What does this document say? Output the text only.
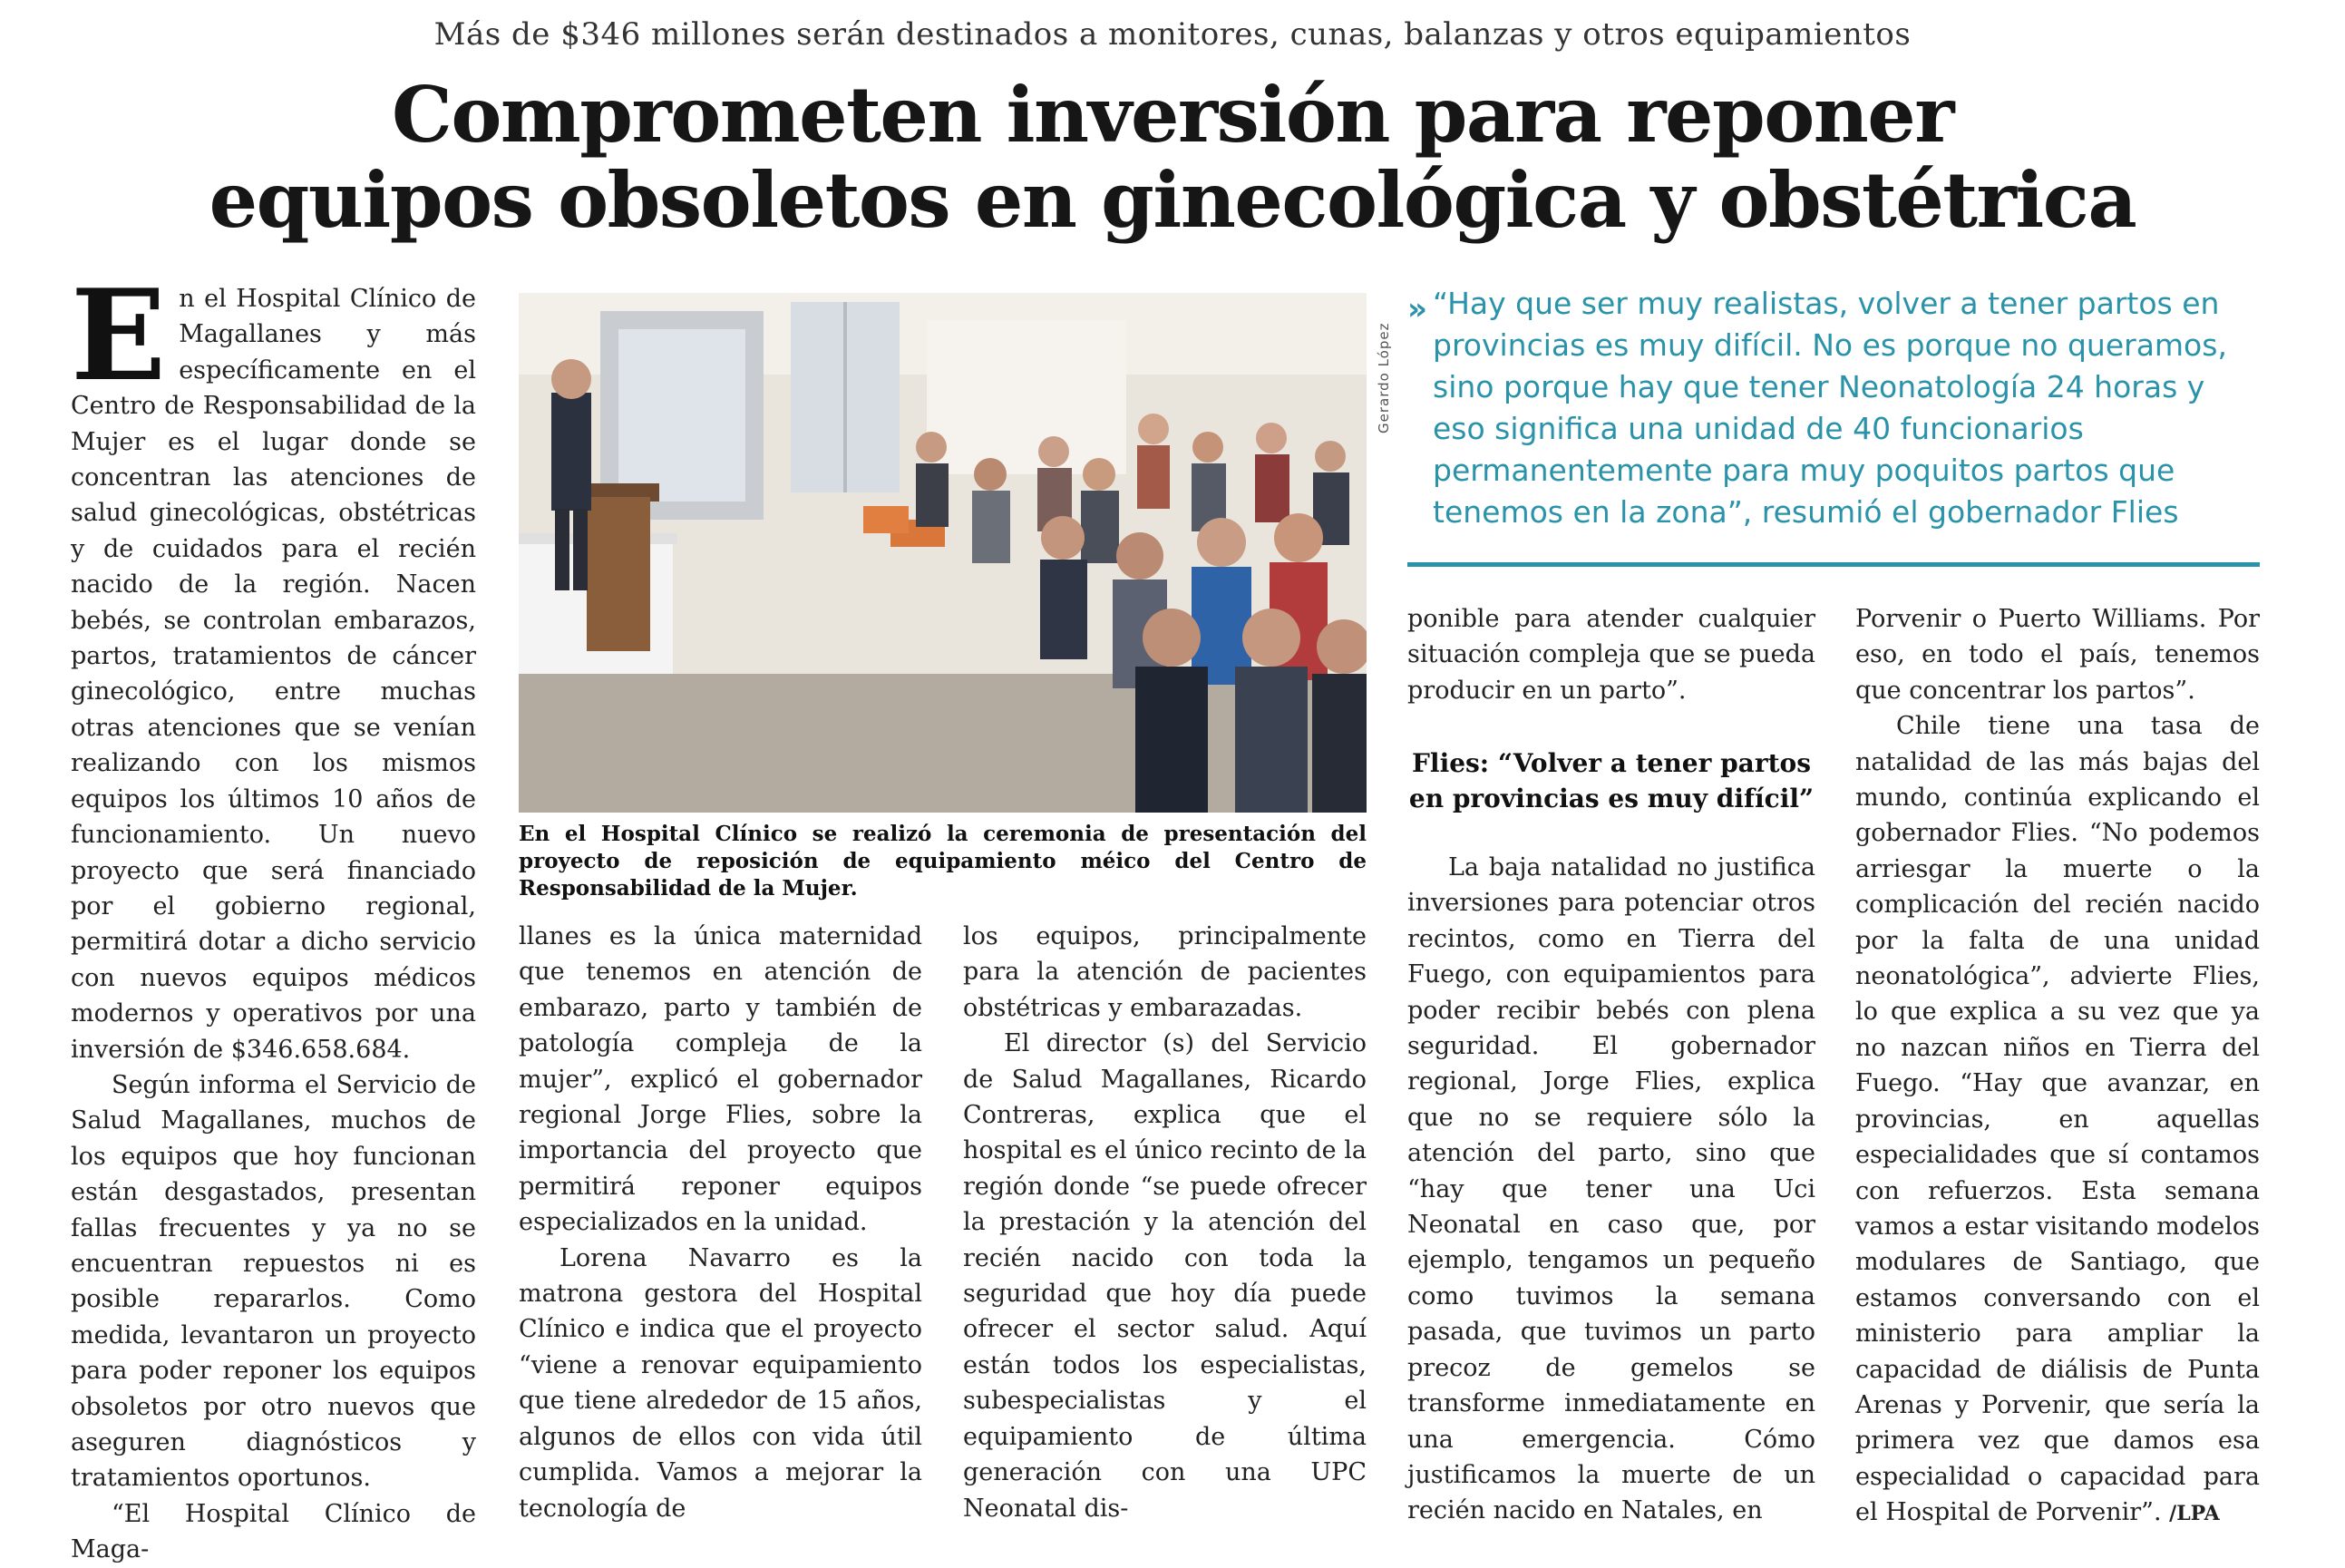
Más de $346 millones serán destinados a monitores, cunas, balanzas y otros equipamientos
Comprometen inversión para reponer
equipos obsoletos en ginecológica y obstétrica

En el Hospital Clínico de Magallanes y más específicamente en el Centro de Responsabilidad de la Mujer es el lugar donde se concentran las atenciones de salud ginecológicas, obstétricas y de cuidados para el recién nacido de la región. Nacen bebés, se controlan embarazos, partos, tratamientos de cáncer ginecológico, entre muchas otras atenciones que se venían realizando con los mismos equipos los últimos 10 años de funcionamiento. Un nuevo proyecto que será financiado por el gobierno regional, permitirá dotar a dicho servicio con nuevos equipos médicos modernos y operativos por una inversión de $346.658.684.

Según informa el Servicio de Salud Magallanes, muchos de los equipos que hoy funcionan están desgastados, presentan fallas frecuentes y ya no se encuentran repuestos ni es posible repararlos. Como medida, levantaron un proyecto para poder reponer los equipos obsoletos por otro nuevos que aseguren diagnósticos y tratamientos oportunos.

“El Hospital Clínico de Maga-

Gerardo López
En el Hospital Clínico se realizó la ceremonia de presentación del proyecto de reposición de equipamiento méico del Centro de Responsabilidad de la Mujer.

llanes es la única maternidad que tenemos en atención de embarazo, parto y también de patología compleja de la mujer”, explicó el gobernador regional Jorge Flies, sobre la importancia del proyecto que permitirá reponer equipos especializados en la unidad.

Lorena Navarro es la matrona gestora del Hospital Clínico e indica que el proyecto “viene a renovar equipamiento que tiene alrededor de 15 años, algunos de ellos con vida útil cumplida. Vamos a mejorar la tecnología de

los equipos, principalmente para la atención de pacientes obstétricas y embarazadas.

El director (s) del Servicio de Salud Magallanes, Ricardo Contreras, explica que el hospital es el único recinto de la región donde “se puede ofrecer la prestación y la atención del recién nacido con toda la seguridad que hoy día puede ofrecer el sector salud. Aquí están todos los especialistas, subespecialistas y el equipamiento de última generación con una UPC Neonatal dis-

›› “Hay que ser muy realistas, volver a tener partos en provincias es muy difícil. No es porque no queramos, sino porque hay que tener Neonatología 24 horas y eso significa una unidad de 40 funcionarios permanentemente para muy poquitos partos que tenemos en la zona”, resumió el gobernador Flies

ponible para atender cualquier situación compleja que se pueda producir en un parto”.

Flies: “Volver a tener partos en provincias es muy difícil”

La baja natalidad no justifica inversiones para potenciar otros recintos, como en Tierra del Fuego, con equipamientos para poder recibir bebés con plena seguridad. El gobernador regional, Jorge Flies, explica que no se requiere sólo la atención del parto, sino que “hay que tener una Uci Neonatal en caso que, por ejemplo, tengamos un pequeño como tuvimos la semana pasada, que tuvimos un parto precoz de gemelos se transforme inmediatamente en una emergencia. Cómo justificamos la muerte de un recién nacido en Natales, en

Porvenir o Puerto Williams. Por eso, en todo el país, tenemos que concentrar los partos”.

Chile tiene una tasa de natalidad de las más bajas del mundo, continúa explicando el gobernador Flies. “No podemos arriesgar la muerte o la complicación del recién nacido por la falta de una unidad neonatológica”, advierte Flies, lo que explica a su vez que ya no nazcan niños en Tierra del Fuego. “Hay que avanzar, en provincias, en aquellas especialidades que sí contamos con refuerzos. Esta semana vamos a estar visitando modelos modulares de Santiago, que estamos conversando con el ministerio para ampliar la capacidad de diálisis de Punta Arenas y Porvenir, que sería la primera vez que damos esa especialidad o capacidad para el Hospital de Porvenir”. /LPA
